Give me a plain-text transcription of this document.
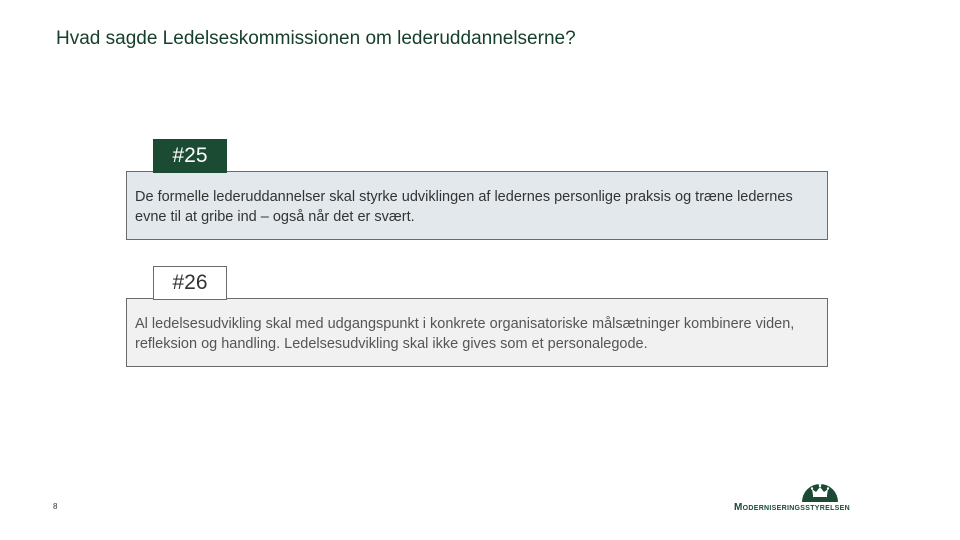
Hvad sagde Ledelseskommissionen om lederuddannelserne?
De formelle lederuddannelser skal styrke udviklingen af ledernes personlige praksis og træne ledernes evne til at gribe ind – også når det er svært.
#25
Al ledelsesudvikling skal med udgangspunkt i konkrete organisatoriske målsætninger kombinere viden, refleksion og handling. Ledelsesudvikling skal ikke gives som et personalegode.
#26
8	Moderniseringsstyrelsen
